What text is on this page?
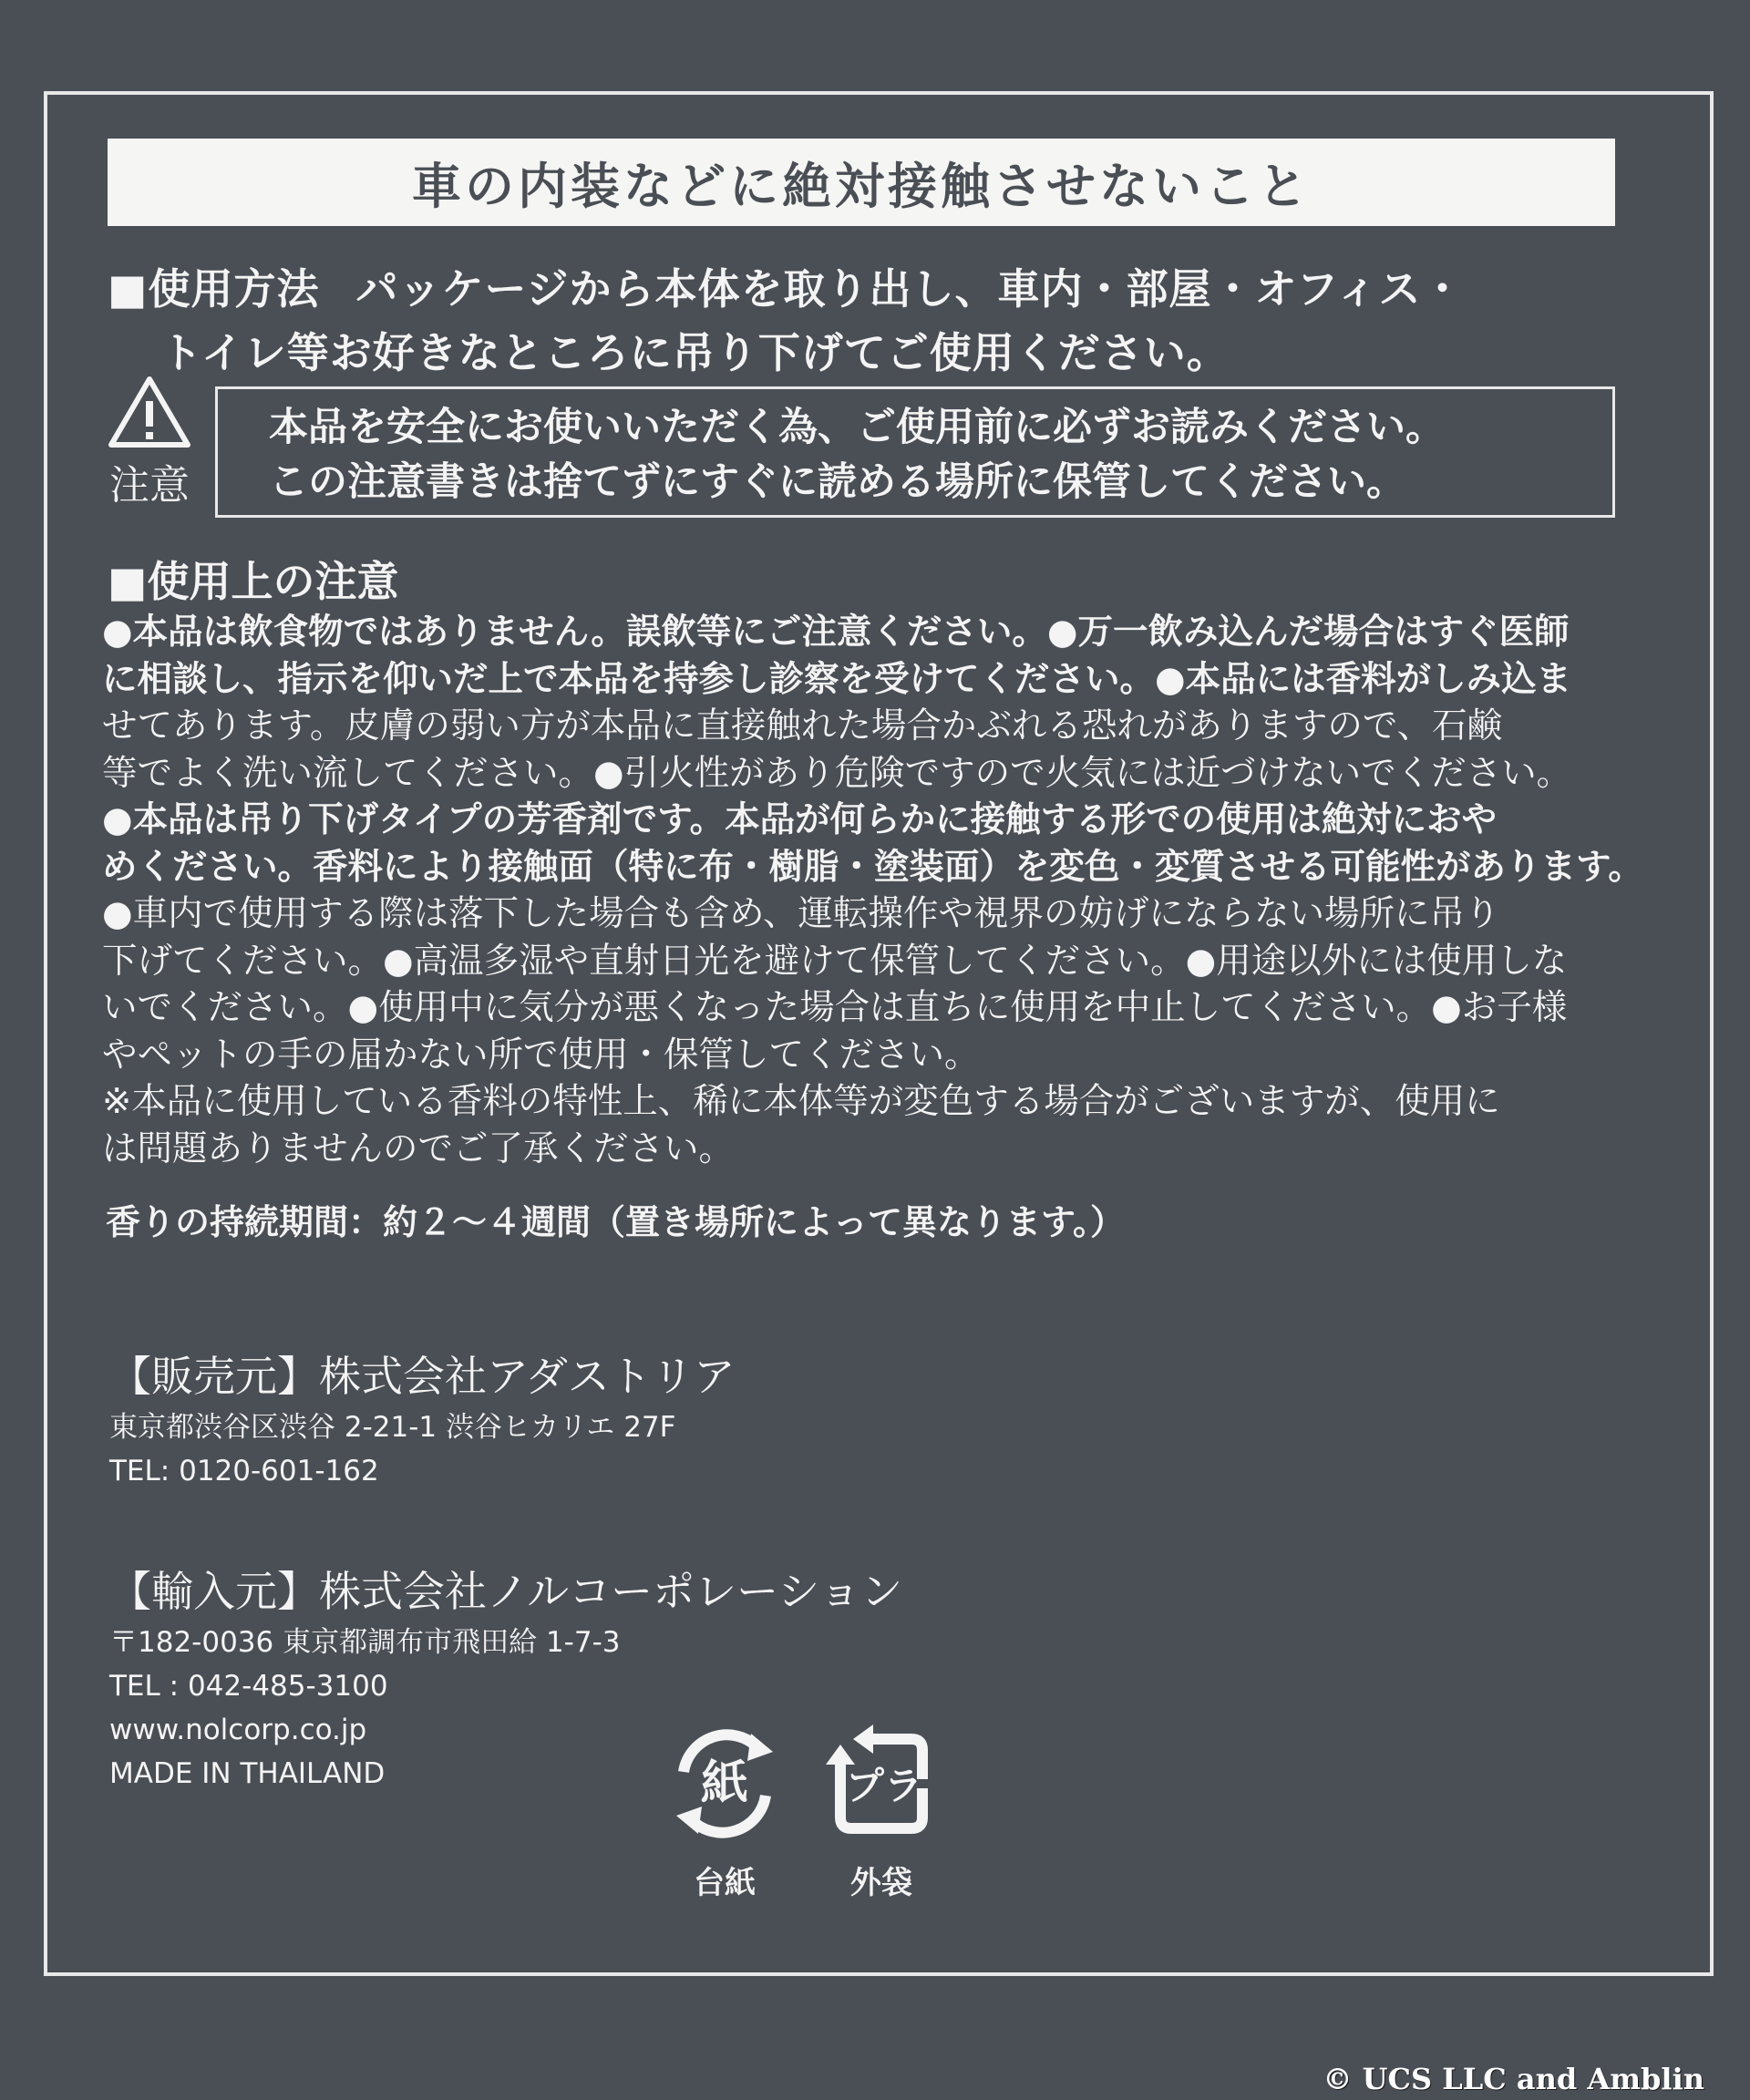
車の内装などに絶対接触させないこと
■使用方法 パッケージから本体を取り出し、車内・部屋・オフィス・
トイレ等お好きなところに吊り下げてご使用ください。
注意
本品を安全にお使いいただく為、ご使用前に必ずお読みください。
この注意書きは捨てずにすぐに読める場所に保管してください。
■使用上の注意
●本品は飲食物ではありません。誤飲等にご注意ください。●万一飲み込んだ場合はすぐ医師
に相談し、指示を仰いだ上で本品を持参し診察を受けてください。●本品には香料がしみ込ま
せてあります。皮膚の弱い方が本品に直接触れた場合かぶれる恐れがありますので、石鹸
等でよく洗い流してください。●引火性があり危険ですので火気には近づけないでください。
●本品は吊り下げタイプの芳香剤です。本品が何らかに接触する形での使用は絶対におや
めください。香料により接触面（特に布・樹脂・塗装面）を変色・変質させる可能性があります。
●車内で使用する際は落下した場合も含め、運転操作や視界の妨げにならない場所に吊り
下げてください。●高温多湿や直射日光を避けて保管してください。●用途以外には使用しな
いでください。●使用中に気分が悪くなった場合は直ちに使用を中止してください。●お子様
やペットの手の届かない所で使用・保管してください。
※本品に使用している香料の特性上、稀に本体等が変色する場合がございますが、使用に
は問題ありませんのでご了承ください。
香りの持続期間：約２～４週間（置き場所によって異なります。）
【販売元】株式会社アダストリア
東京都渋谷区渋谷 2-21-1 渋谷ヒカリエ 27F
TEL: 0120-601-162
【輸入元】株式会社ノルコーポレーション
〒182-0036 東京都調布市飛田給 1-7-3
TEL : 042-485-3100
www.nolcorp.co.jp
MADE IN THAILAND	紙
台紙
プラ
外袋
© UCS LLC and Amblin
